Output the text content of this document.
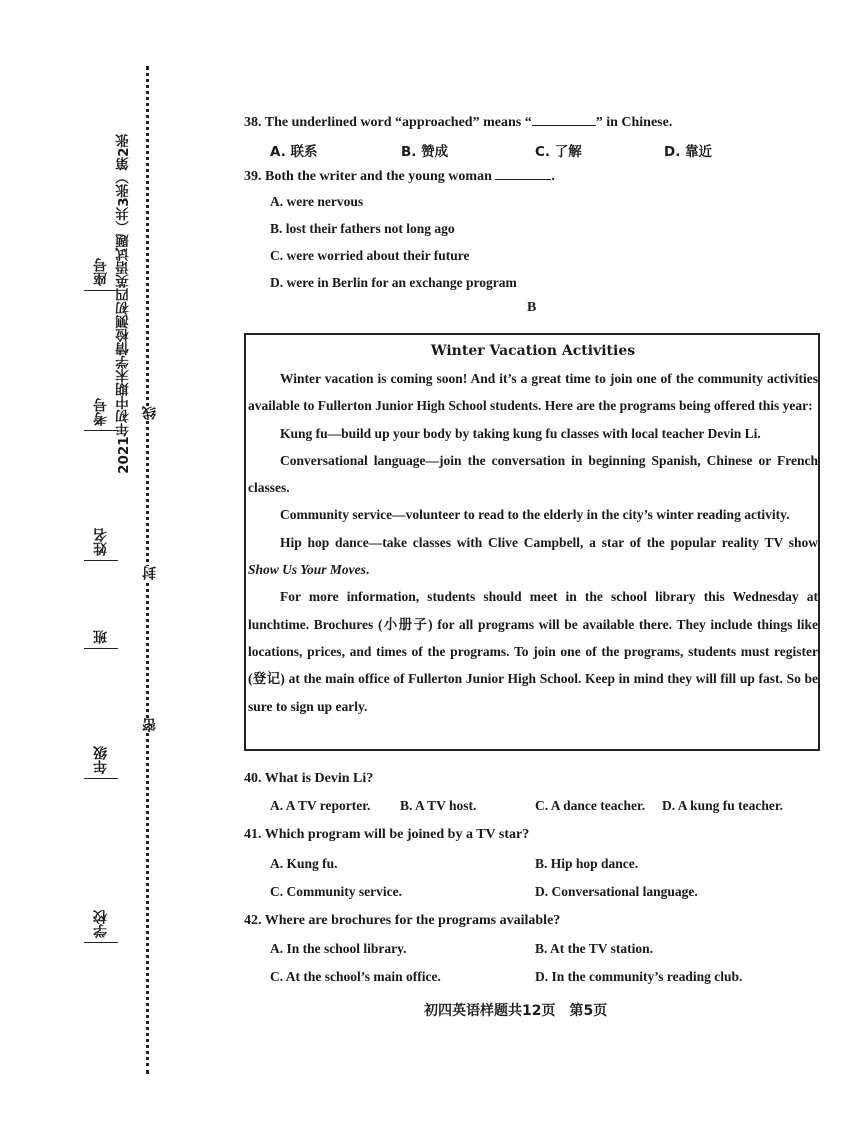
座号
考号
姓名
班
年级
学校
2021年初中期末学情检测初四英语试题（共3张）第2张
密
封
线
38. The underlined word “approached” means “	” in Chinese.
A. 联系	B. 赞成	C. 了解	D. 靠近
39. Both the writer and the young woman	.
A. were nervous
B. lost their fathers not long ago
C. were worried about their future
D. were in Berlin for an exchange program
B
Winter Vacation Activities

Winter vacation is coming soon! And it’s a great time to join one of the community activities available to Fullerton Junior High School students. Here are the programs being offered this year:

Kung fu—build up your body by taking kung fu classes with local teacher Devin Li.

Conversational language—join the conversation in beginning Spanish, Chinese or French classes.

Community service—volunteer to read to the elderly in the city’s winter reading activity.

Hip hop dance—take classes with Clive Campbell, a star of the popular reality TV show Show Us Your Moves.

For more information, students should meet in the school library this Wednesday at lunchtime. Brochures (小册子) for all programs will be available there. They include things like locations, prices, and times of the programs. To join one of the programs, students must register (登记) at the main office of Fullerton Junior High School. Keep in mind they will fill up fast. So be sure to sign up early.

40. What is Devin Li?
A. A TV reporter. B. A TV host.	C. A dance teacher. D. A kung fu teacher.
41. Which program will be joined by a TV star?
A. Kung fu.	B. Hip hop dance.
C. Community service.	D. Conversational language.
42. Where are brochures for the programs available?
A. In the school library.	B. At the TV station.
C. At the school’s main office.	D. In the community’s reading club.
初四英语样题共12页　第5页
